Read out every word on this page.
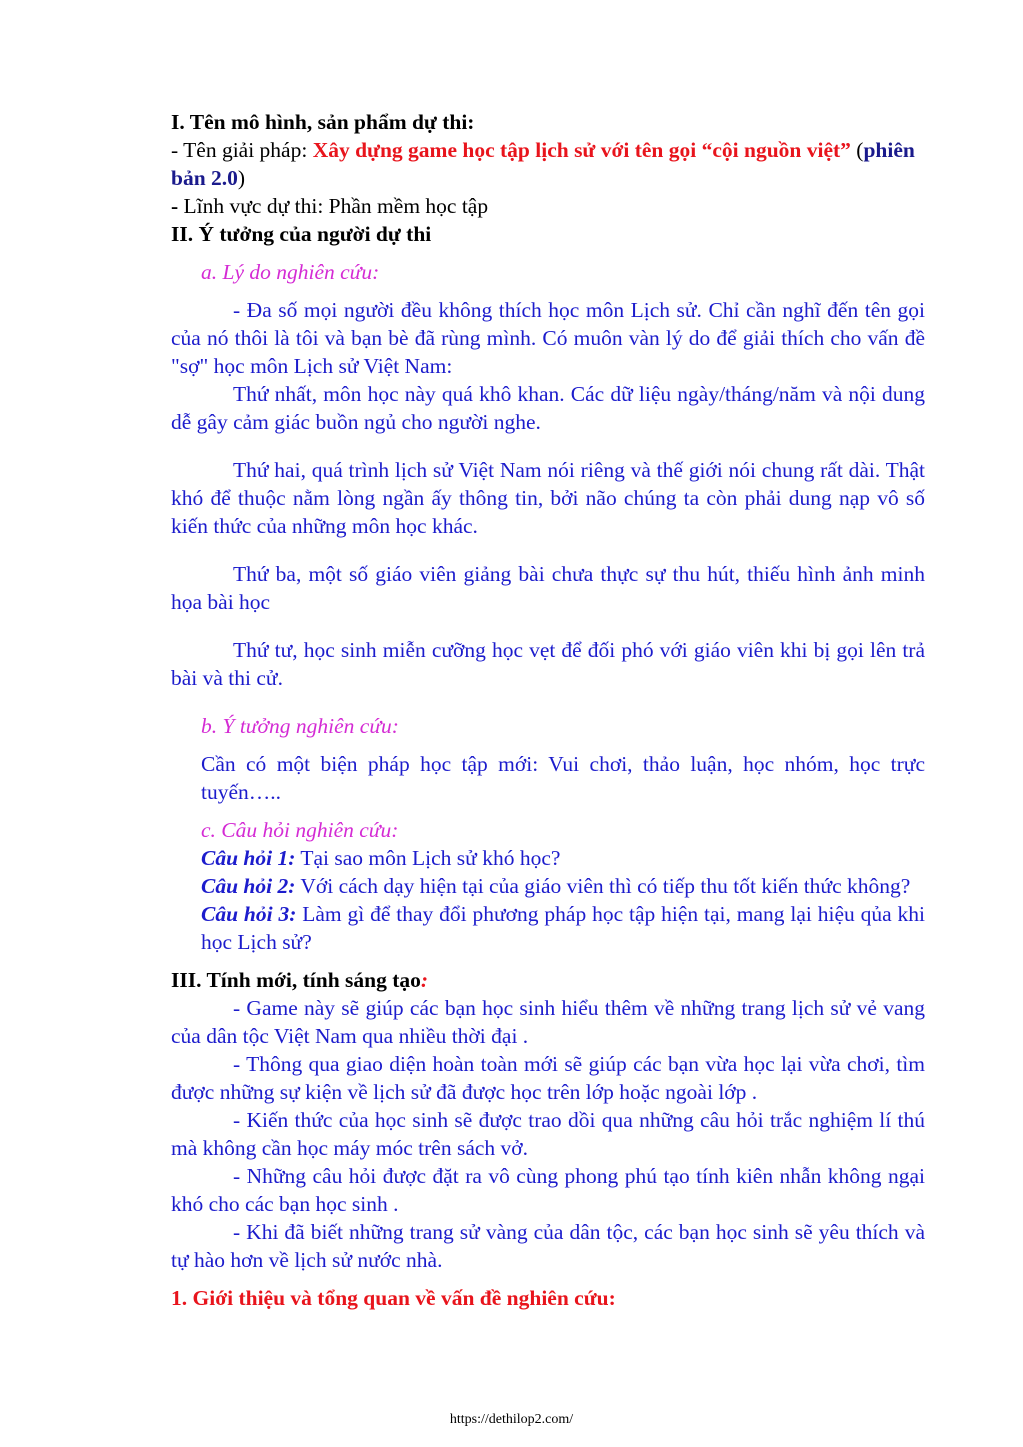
I. Tên mô hình, sản phẩm dự thi:

- Tên giải pháp: Xây dựng game học tập lịch sử với tên gọi “cội nguồn việt” (phiên bản 2.0)

- Lĩnh vực dự thi: Phần mềm học tập

II. Ý tưởng của người dự thi

a. Lý do nghiên cứu:

- Đa số mọi người đều không thích học môn Lịch sử. Chỉ cần nghĩ đến tên gọi của nó thôi là tôi và bạn bè đã rùng mình. Có muôn vàn lý do để giải thích cho vấn đề "sợ" học môn Lịch sử Việt Nam:

Thứ nhất, môn học này quá khô khan. Các dữ liệu ngày/tháng/năm và nội dung dễ gây cảm giác buồn ngủ cho người nghe.

Thứ hai, quá trình lịch sử Việt Nam nói riêng và thế giới nói chung rất dài. Thật khó để thuộc nằm lòng ngần ấy thông tin, bởi não chúng ta còn phải dung nạp vô số kiến thức của những môn học khác.

Thứ ba, một số giáo viên giảng bài chưa thực sự thu hút, thiếu hình ảnh minh họa bài học

Thứ tư, học sinh miễn cưỡng học vẹt để đối phó với giáo viên khi bị gọi lên trả bài và thi cử.

b. Ý tưởng nghiên cứu:

Cần có một biện pháp học tập mới: Vui chơi, thảo luận, học nhóm, học trực tuyến…..

c. Câu hỏi nghiên cứu:

Câu hỏi 1: Tại sao môn Lịch sử khó học?

Câu hỏi 2: Với cách dạy hiện tại của giáo viên thì có tiếp thu tốt kiến thức không?

Câu hỏi 3: Làm gì để thay đổi phương pháp học tập hiện tại, mang lại hiệu qủa khi học Lịch sử?

III. Tính mới, tính sáng tạo:

- Game này sẽ giúp các bạn học sinh hiểu thêm về những trang lịch sử vẻ vang của dân tộc Việt Nam qua nhiều thời đại .

- Thông qua giao diện hoàn toàn mới sẽ giúp các bạn vừa học lại vừa chơi, tìm được những sự kiện về lịch sử đã được học trên lớp hoặc ngoài lớp .

- Kiến thức của học sinh sẽ được trao dồi qua những câu hỏi trắc nghiệm lí thú mà không cần học máy móc trên sách vở.

- Những câu hỏi được đặt ra vô cùng phong phú tạo tính kiên nhẫn không ngại khó cho các bạn học sinh .

- Khi đã biết những trang sử vàng của dân tộc, các bạn học sinh sẽ yêu thích và tự hào hơn về lịch sử nước nhà.

1. Giới thiệu và tổng quan về vấn đề nghiên cứu:

https://dethilop2.com/
